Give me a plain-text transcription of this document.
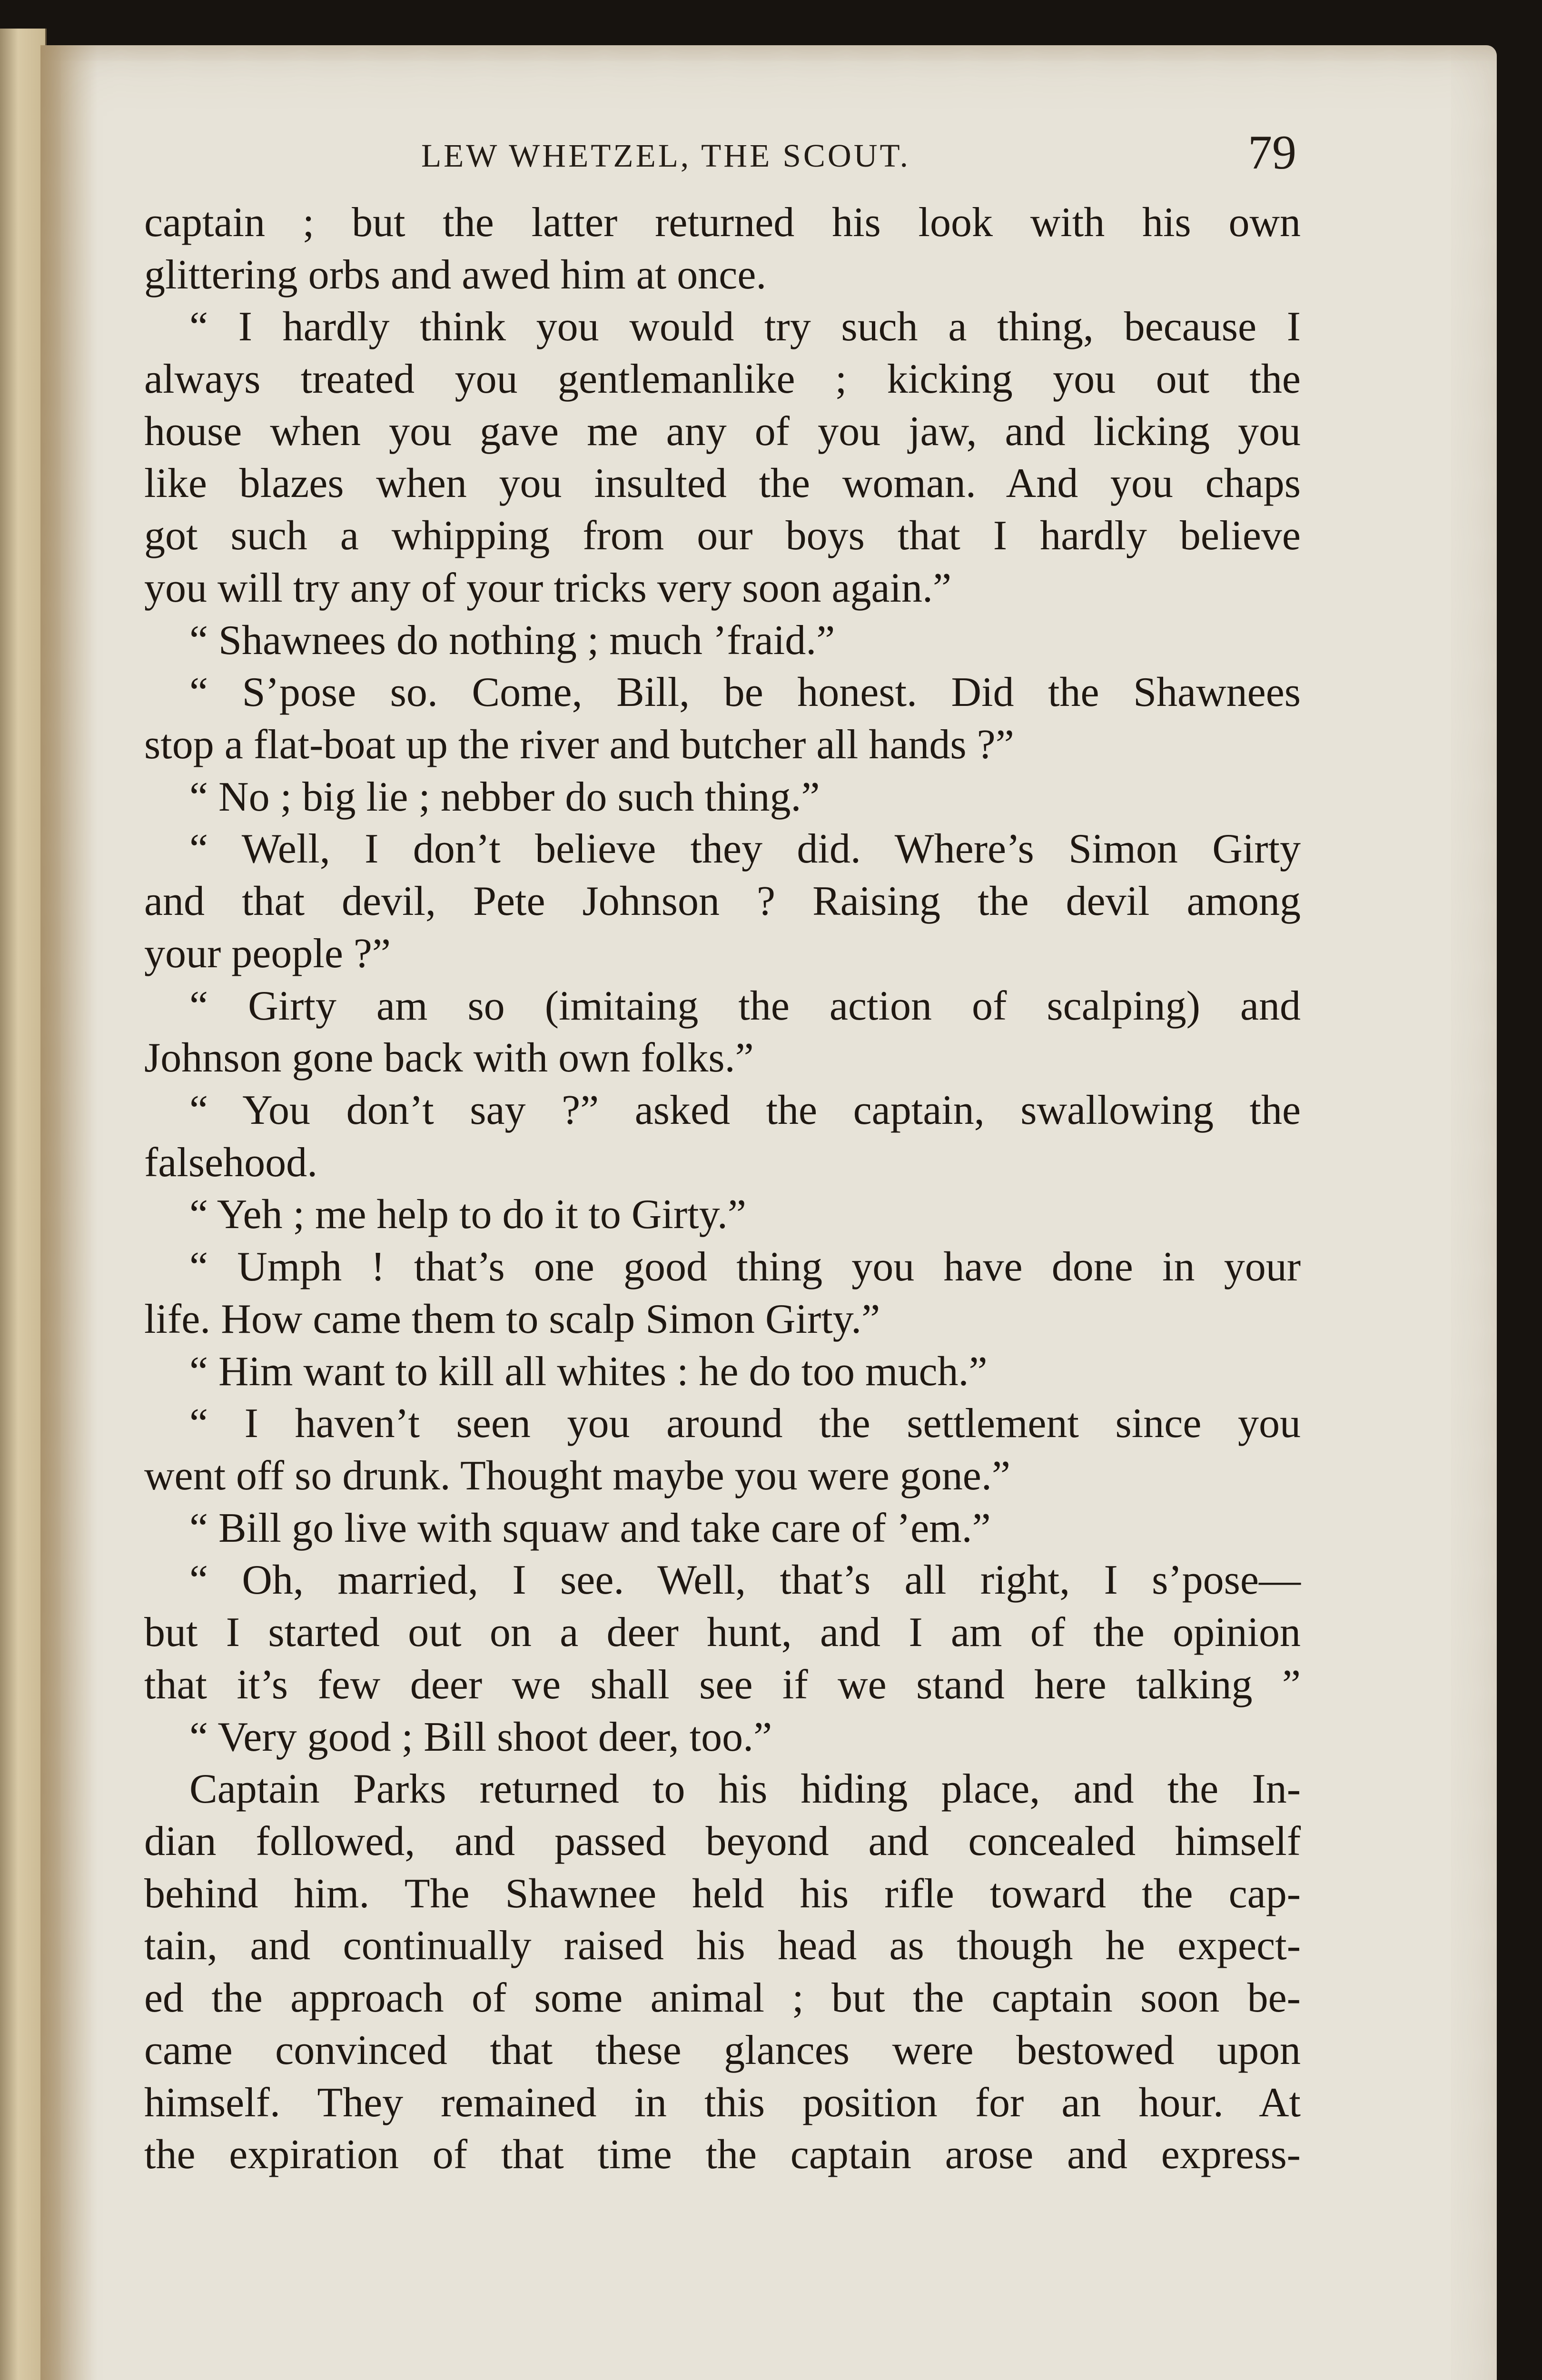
LEW WHETZEL, THE SCOUT.	79
captain ; but the latter returned his look with his own
glittering orbs and awed him at once.
“ I hardly think you would try such a thing, because I
always treated you gentlemanlike ; kicking you out the
house when you gave me any of you jaw, and licking you
like blazes when you insulted the woman. And you chaps
got such a whipping from our boys that I hardly believe
you will try any of your tricks very soon again.”
“ Shawnees do nothing ; much ’fraid.”
“ S’pose so. Come, Bill, be honest. Did the Shawnees
stop a flat-boat up the river and butcher all hands ?”
“ No ; big lie ; nebber do such thing.”
“ Well, I don’t believe they did. Where’s Simon Girty
and that devil, Pete Johnson ? Raising the devil among
your people ?”
“ Girty am so (imitaing the action of scalping) and
Johnson gone back with own folks.”
“ You don’t say ?” asked the captain, swallowing the
falsehood.
“ Yeh ; me help to do it to Girty.”
“ Umph ! that’s one good thing you have done in your
life. How came them to scalp Simon Girty.”
“ Him want to kill all whites : he do too much.”
“ I haven’t seen you around the settlement since you
went off so drunk. Thought maybe you were gone.”
“ Bill go live with squaw and take care of ’em.”
“ Oh, married, I see. Well, that’s all right, I s’pose—
but I started out on a deer hunt, and I am of the opinion
that it’s few deer we shall see if we stand here talking ”
“ Very good ; Bill shoot deer, too.”
Captain Parks returned to his hiding place, and the In-
dian followed, and passed beyond and concealed himself
behind him. The Shawnee held his rifle toward the cap-
tain, and continually raised his head as though he expect-
ed the approach of some animal ; but the captain soon be-
came convinced that these glances were bestowed upon
himself. They remained in this position for an hour. At
the expiration of that time the captain arose and express-
